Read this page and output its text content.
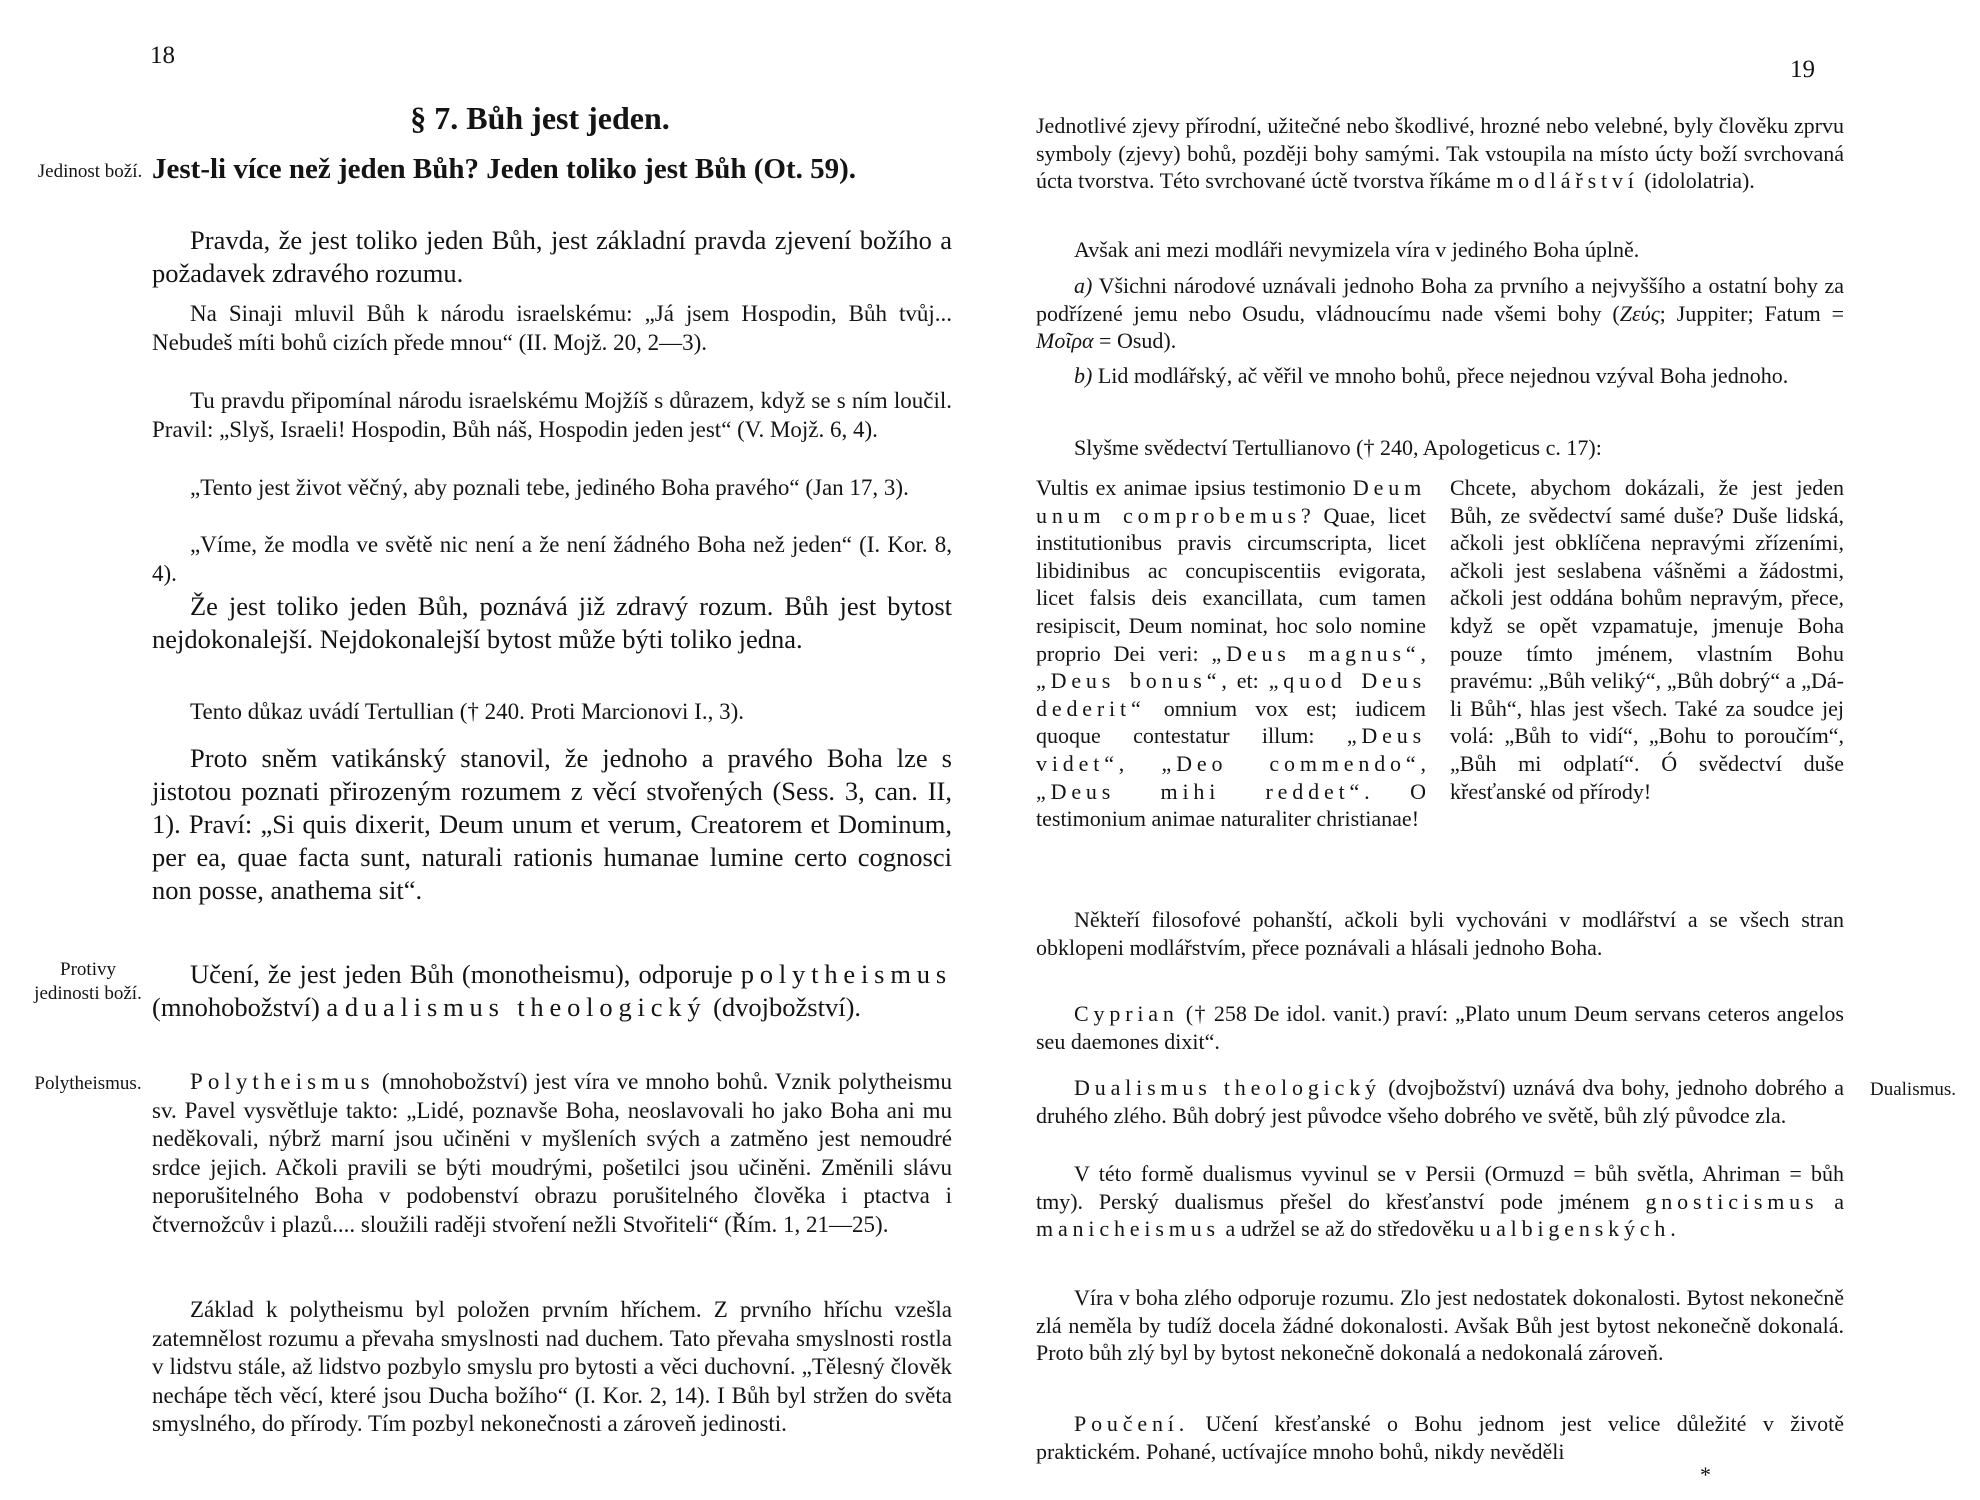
18
§ 7. Bůh jest jeden.
Jedinost boží. Jest-li více než jeden Bůh? Jeden toliko jest Bůh (Ot. 59).
Pravda, že jest toliko jeden Bůh, jest základní pravda zjevení božího a požadavek zdravého rozumu.
Na Sinaji mluvil Bůh k národu israelskému: „Já jsem Hospodin, Bůh tvůj... Nebudeš míti bohů cizích přede mnou“ (II. Mojž. 20, 2—3).
Tu pravdu připomínal národu israelskému Mojžíš s důrazem, když se s ním loučil. Pravil: „Slyš, Israeli! Hospodin, Bůh náš, Hospodin jeden jest“ (V. Mojž. 6, 4).
„Tento jest život věčný, aby poznali tebe, jediného Boha pravého“ (Jan 17, 3).
„Víme, že modla ve světě nic není a že není žádného Boha než jeden“ (I. Kor. 8, 4).
Že jest toliko jeden Bůh, poznává již zdravý rozum. Bůh jest bytost nejdokonalejší. Nejdokonalejší bytost může býti toliko jedna.
Tento důkaz uvádí Tertullian († 240. Proti Marcionovi I., 3).
Proto sněm vatikánský stanovil, že jednoho a pravého Boha lze s jistotou poznati přirozeným rozumem z věcí stvořených (Sess. 3, can. II, 1). Praví: „Si quis dixerit, Deum unum et verum, Creatorem et Dominum, per ea, quae facta sunt, naturali rationis humanae lumine certo cognosci non posse, anathema sit“.
Protivy jedinosti boží.
Učení, že jest jeden Bůh (monotheismu), odporuje polytheismus (mnohobožství) a dualismus theologický (dvojbožství).
Polytheismus.	Polytheismus (mnohobožství) jest víra ve mnoho bohů. Vznik polytheismu sv. Pavel vysvětluje takto: „Lidé, poznavše Boha, neoslavovali ho jako Boha ani mu neděkovali, nýbrž marní jsou učiněni v myšleních svých a zatměno jest nemoudré srdce jejich. Ačkoli pravili se býti moudrými, pošetilci jsou učiněni. Změnili slávu neporušitelného Boha v podobenství obrazu porušitelného člověka i ptactva i čtvernožcův i plazů.... sloužili raději stvoření nežli Stvořiteli“ (Řím. 1, 21—25).
Základ k polytheismu byl položen prvním hříchem. Z prvního hříchu vzešla zatemnělost rozumu a převaha smyslnosti nad duchem. Tato převaha smyslnosti rostla v lidstvu stále, až lidstvo pozbylo smyslu pro bytosti a věci duchovní. „Tělesný člověk nechápe těch věcí, které jsou Ducha božího“ (I. Kor. 2, 14). I Bůh byl stržen do světa smyslného, do přírody. Tím pozbyl nekonečnosti a zároveň jedinosti.
19
Jednotlivé zjevy přírodní, užitečné nebo škodlivé, hrozné nebo velebné, byly člověku zprvu symboly (zjevy) bohů, později bohy samými. Tak vstoupila na místo úcty boží svrchovaná úcta tvorstva. Této svrchované úctě tvorstva říkáme modlářství (idololatria).
Avšak ani mezi modláři nevymizela víra v jediného Boha úplně.
a) Všichni národové uznávali jednoho Boha za prvního a nejvyššího a ostatní bohy za podřízené jemu nebo Osudu, vládnoucímu nade všemi bohy (Ζεύς; Juppiter; Fatum = Μοῖρα = Osud).
b) Lid modlářský, ač věřil ve mnoho bohů, přece nejednou vzýval Boha jednoho.
Slyšme svědectví Tertullianovo († 240, Apologeticus c. 17):
Vultis ex animae ipsius testimonio Deum unum comprobemus? Quae, licet institutionibus pravis circumscripta, licet libidinibus ac concupiscentiis evigorata, licet falsis deis exancillata, cum tamen resipiscit, Deum nominat, hoc solo nomine proprio Dei veri: „Deus magnus“, „Deus bonus“, et: „quod Deus dederit“ omnium vox est; iudicem quoque contestatur illum: „Deus videt“, „Deo commendo“, „Deus mihi reddet“. O testimonium animae naturaliter christianae!
Chcete, abychom dokázali, že jest jeden Bůh, ze svědectví samé duše? Duše lidská, ačkoli jest obklíčena nepravými zřízeními, ačkoli jest seslabena vášněmi a žádostmi, ačkoli jest oddána bohům nepravým, přece, když se opět vzpamatuje, jmenuje Boha pouze tímto jménem, vlastním Bohu pravému: „Bůh veliký“, „Bůh dobrý“ a „Dá-li Bůh“, hlas jest všech. Také za soudce jej volá: „Bůh to vidí“, „Bohu to poroučím“, „Bůh mi odplatí“. Ó svědectví duše křesťanské od přírody!
Někteří filosofové pohanští, ačkoli byli vychováni v modlářství a se všech stran obklopeni modlářstvím, přece poznávali a hlásali jednoho Boha.
Cyprian († 258 De idol. vanit.) praví: „Plato unum Deum servans ceteros angelos seu daemones dixit“.
Dualismus theologický (dvojbožství) uznává dva bohy, jednoho dobrého a druhého zlého. Bůh dobrý jest původce všeho dobrého ve světě, bůh zlý původce zla.
Dualismus.
V této formě dualismus vyvinul se v Persii (Ormuzd = bůh světla, Ahriman = bůh tmy). Perský dualismus přešel do křesťanství pode jménem gnosticismus a manicheismus a udržel se až do středověku u albigenských.
Víra v boha zlého odporuje rozumu. Zlo jest nedostatek dokonalosti. Bytost nekonečně zlá neměla by tudíž docela žádné dokonalosti. Avšak Bůh jest bytost nekonečně dokonalá. Proto bůh zlý byl by bytost nekonečně dokonalá a nedokonalá zároveň.
Poučení. Učení křesťanské o Bohu jednom jest velice důležité v životě praktickém. Pohané, uctívajíce mnoho bohů, nikdy nevěděli
*
